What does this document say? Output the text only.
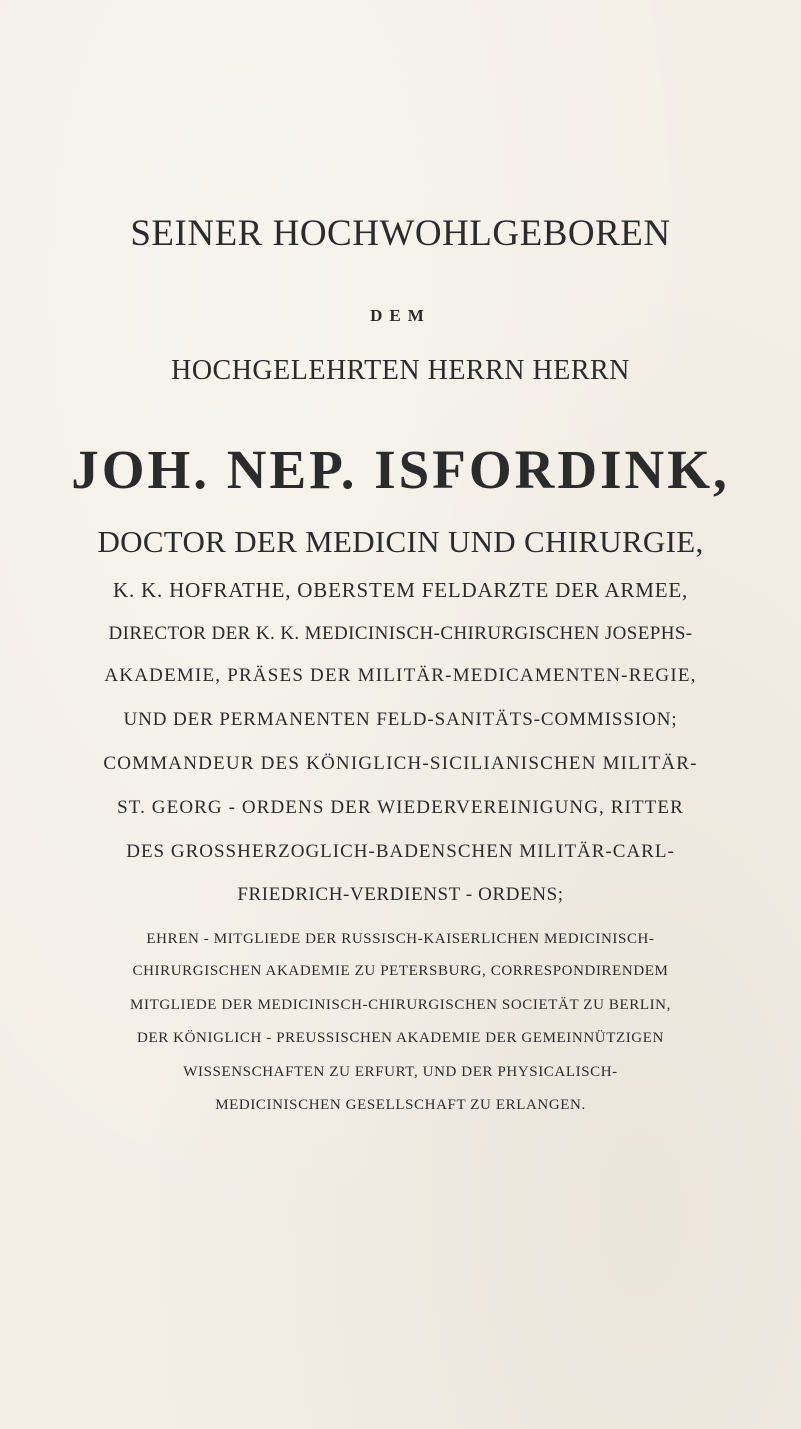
SEINER HOCHWOHLGEBOREN

DEM

HOCHGELEHRTEN HERRN HERRN

JOH. NEP. ISFORDINK,

DOCTOR DER MEDICIN UND CHIRURGIE,

K. K. HOFRATHE, OBERSTEM FELDARZTE DER ARMEE,

DIRECTOR DER K. K. MEDICINISCH-CHIRURGISCHEN JOSEPHS-

AKADEMIE, PRÄSES DER MILITÄR-MEDICAMENTEN-REGIE,

UND DER PERMANENTEN FELD-SANITÄTS-COMMISSION;

COMMANDEUR DES KÖNIGLICH-SICILIANISCHEN MILITÄR-

ST. GEORG - ORDENS DER WIEDERVEREINIGUNG, RITTER

DES GROSSHERZOGLICH-BADENSCHEN MILITÄR-CARL-

FRIEDRICH-VERDIENST - ORDENS;

EHREN - MITGLIEDE DER RUSSISCH-KAISERLICHEN MEDICINISCH-

CHIRURGISCHEN AKADEMIE ZU PETERSBURG, CORRESPONDIRENDEM

MITGLIEDE DER MEDICINISCH-CHIRURGISCHEN SOCIETÄT ZU BERLIN,

DER KÖNIGLICH - PREUSSISCHEN AKADEMIE DER GEMEINNÜTZIGEN

WISSENSCHAFTEN ZU ERFURT, UND DER PHYSICALISCH-

MEDICINISCHEN GESELLSCHAFT ZU ERLANGEN.
